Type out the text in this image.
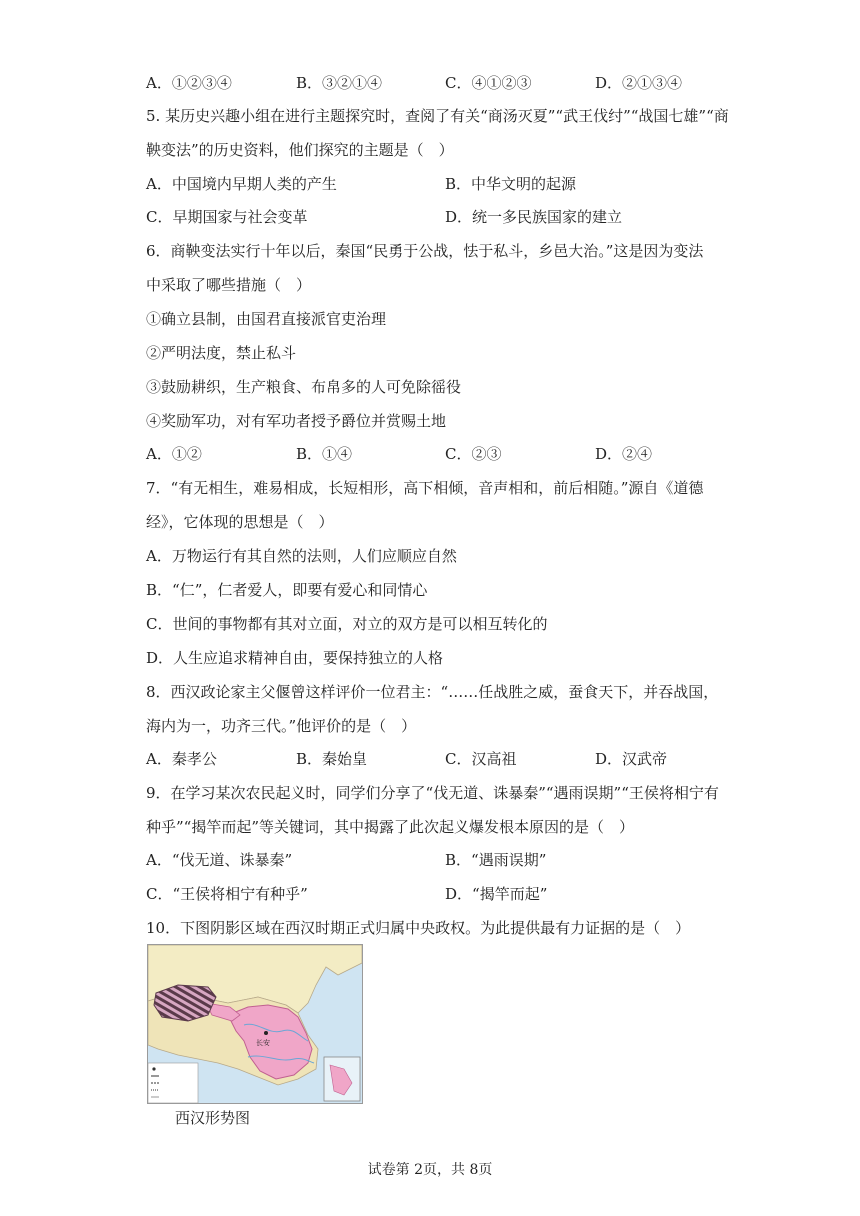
A．①②③④	B．③②①④	C．④①②③	D．②①③④
5. 某历史兴趣小组在进行主题探究时，查阅了有关“商汤灭夏”“武王伐纣”“战国七雄”“商
鞅变法”的历史资料，他们探究的主题是（　）
A．中国境内早期人类的产生	B．中华文明的起源
C．早期国家与社会变革	D．统一多民族国家的建立
6．商鞅变法实行十年以后，秦国“民勇于公战，怯于私斗，乡邑大治。”这是因为变法
中采取了哪些措施（　）
①确立县制，由国君直接派官吏治理
②严明法度，禁止私斗
③鼓励耕织，生产粮食、布帛多的人可免除徭役
④奖励军功，对有军功者授予爵位并赏赐土地
A．①②	B．①④	C．②③	D．②④
7．“有无相生，难易相成，长短相形，高下相倾，音声相和，前后相随。”源自《道德
经》，它体现的思想是（　）
A．万物运行有其自然的法则，人们应顺应自然
B．“仁”，仁者爱人，即要有爱心和同情心
C．世间的事物都有其对立面，对立的双方是可以相互转化的
D．人生应追求精神自由，要保持独立的人格
8．西汉政论家主父偃曾这样评价一位君主：“……任战胜之威，蚕食天下，并吞战国，
海内为一，功齐三代。”他评价的是（　）
A．秦孝公	B．秦始皇	C．汉高祖	D．汉武帝
9．在学习某次农民起义时，同学们分享了“伐无道、诛暴秦”“遇雨误期”“王侯将相宁有
种乎”“揭竿而起”等关键词，其中揭露了此次起义爆发根本原因的是（　）
A．“伐无道、诛暴秦”	B．“遇雨误期”
C．“王侯将相宁有种乎”	D．“揭竿而起”
10．下图阴影区域在西汉时期正式归属中央政权。为此提供最有力证据的是（　）
长安
西汉形势图
试卷第 2页，共 8页
